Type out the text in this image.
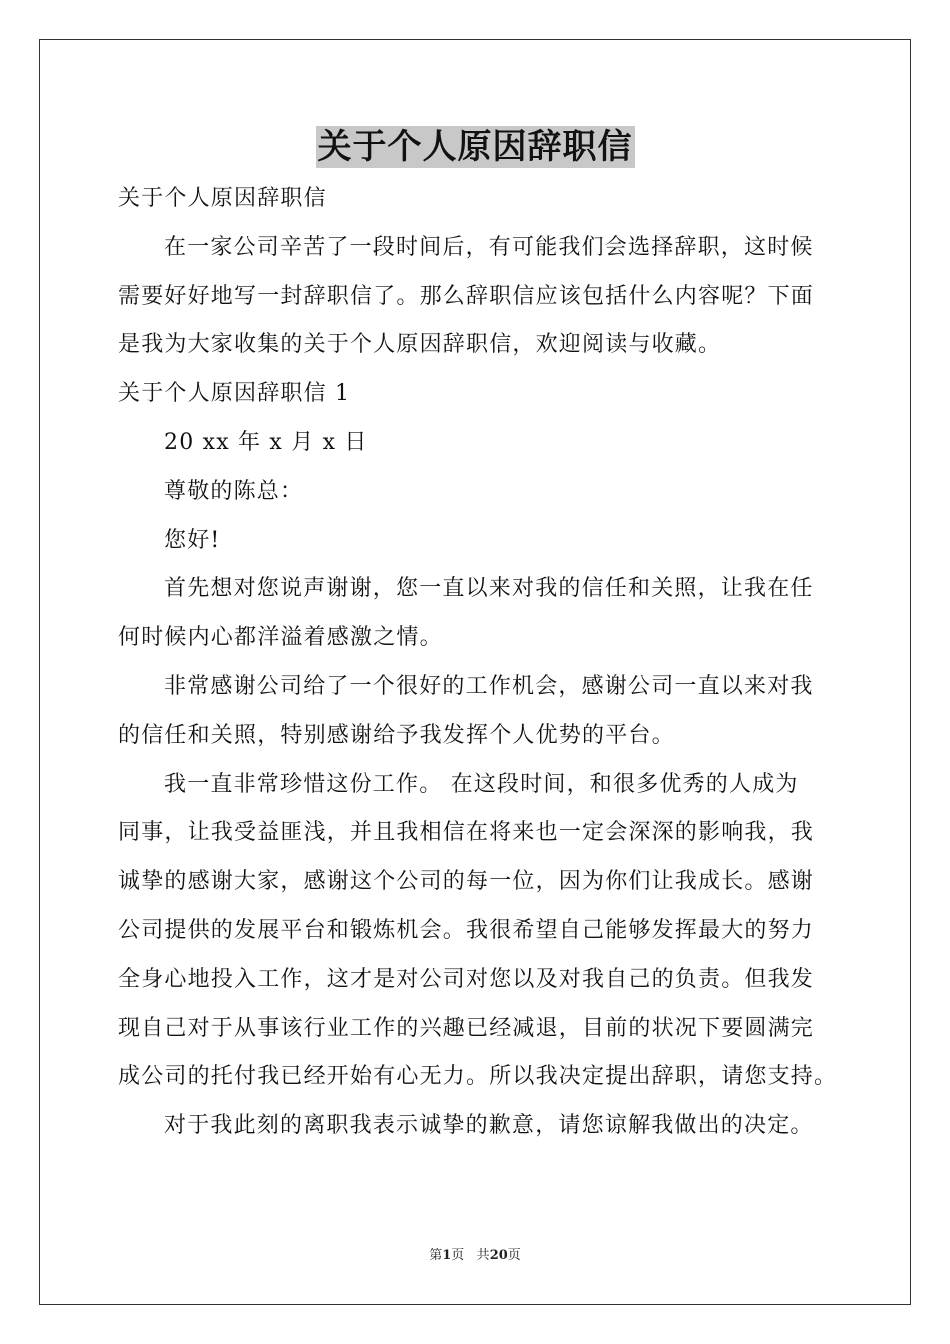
关于个人原因辞职信
关于个人原因辞职信
在一家公司辛苦了一段时间后，有可能我们会选择辞职，这时候
需要好好地写一封辞职信了。那么辞职信应该包括什么内容呢？下面
是我为大家收集的关于个人原因辞职信，欢迎阅读与收藏。
关于个人原因辞职信 1
20 xx 年 x 月 x 日
尊敬的陈总：
您好!
首先想对您说声谢谢，您一直以来对我的信任和关照，让我在任
何时候内心都洋溢着感激之情。
非常感谢公司给了一个很好的工作机会，感谢公司一直以来对我
的信任和关照，特别感谢给予我发挥个人优势的平台。
我一直非常珍惜这份工作。 在这段时间，和很多优秀的人成为
同事，让我受益匪浅，并且我相信在将来也一定会深深的影响我，我
诚挚的感谢大家，感谢这个公司的每一位，因为你们让我成长。感谢
公司提供的发展平台和锻炼机会。我很希望自己能够发挥最大的努力
全身心地投入工作，这才是对公司对您以及对我自己的负责。但我发
现自己对于从事该行业工作的兴趣已经减退，目前的状况下要圆满完
成公司的托付我已经开始有心无力。所以我决定提出辞职，请您支持。
对于我此刻的离职我表示诚挚的歉意，请您谅解我做出的决定。
第1页 共20页
